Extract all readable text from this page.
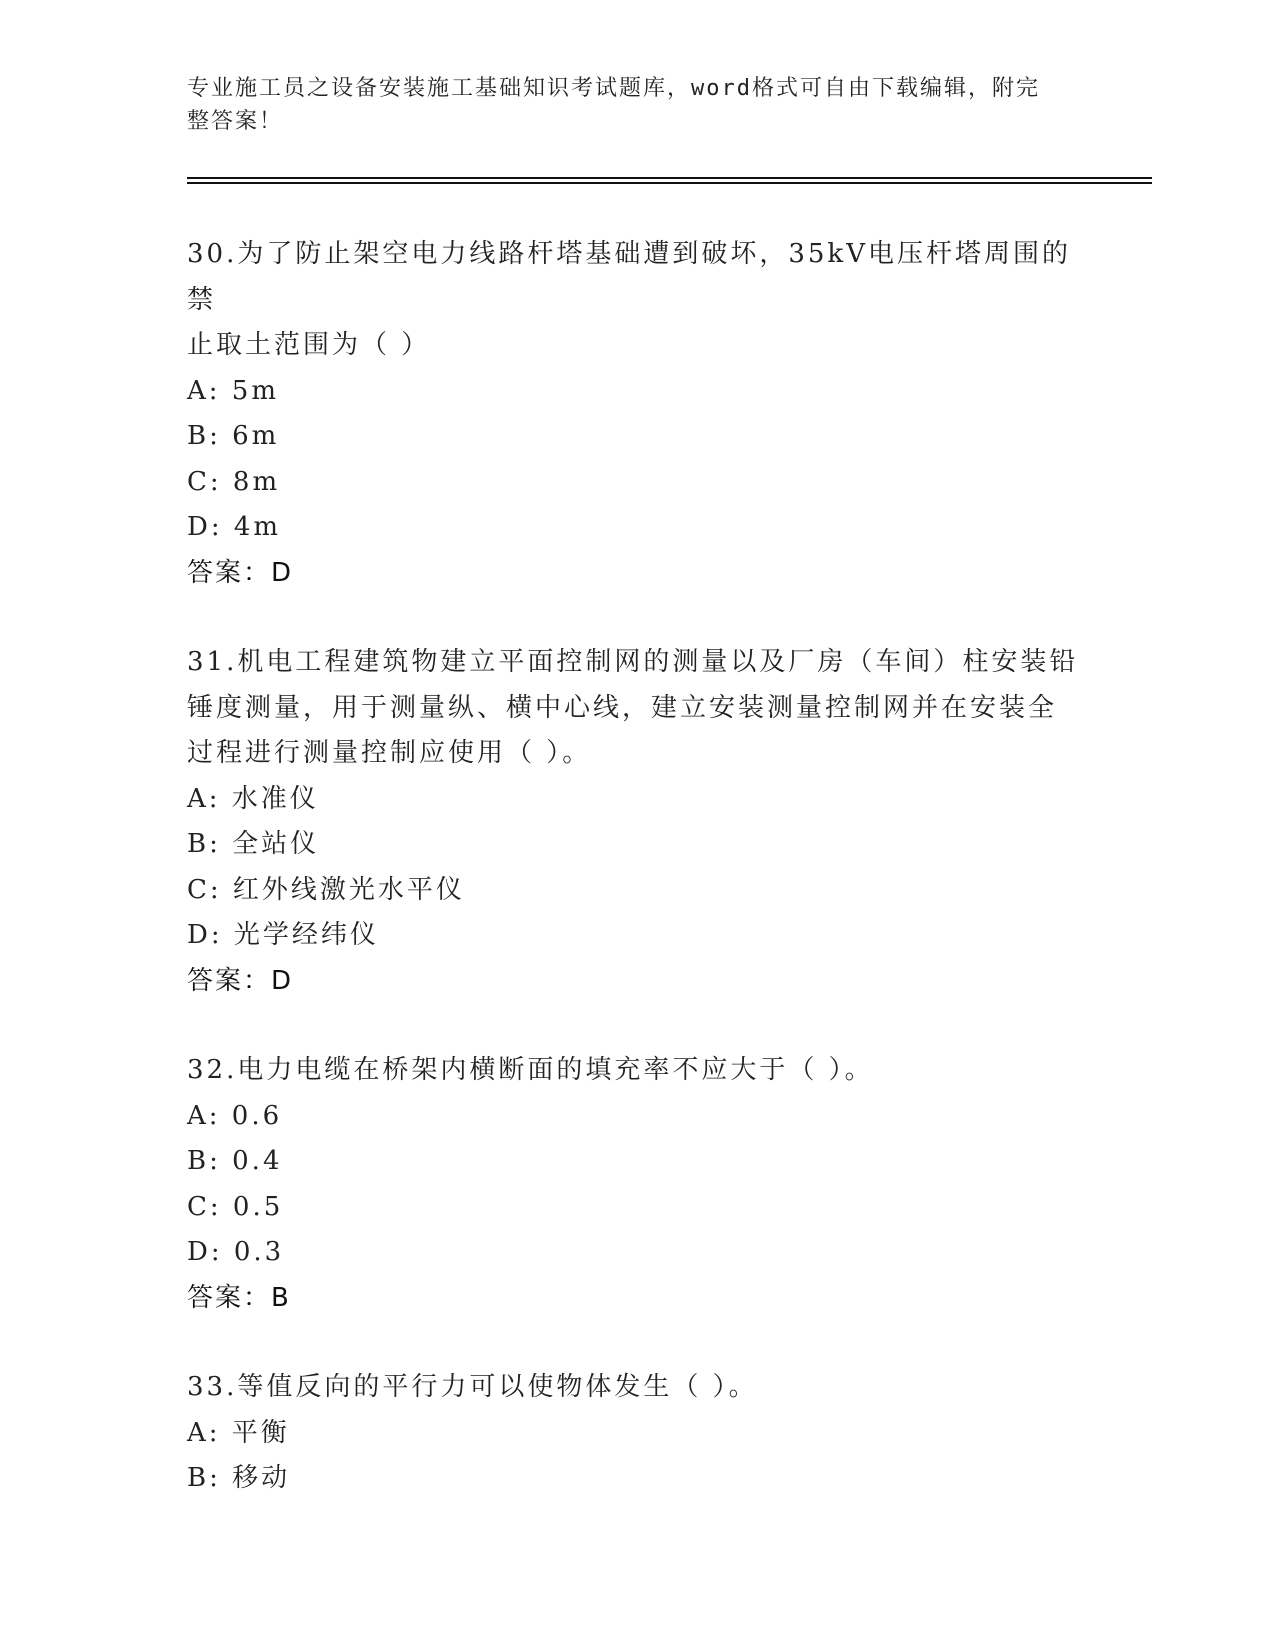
专业施工员之设备安装施工基础知识考试题库，word格式可自由下载编辑，附完
整答案！
30.为了防止架空电力线路杆塔基础遭到破坏，35kV电压杆塔周围的禁
止取土范围为（ ）
A: 5m
B: 6m
C: 8m
D: 4m
答案：D
31.机电工程建筑物建立平面控制网的测量以及厂房（车间）柱安装铅
锤度测量，用于测量纵、横中心线，建立安装测量控制网并在安装全
过程进行测量控制应使用（ ）。
A: 水准仪
B: 全站仪
C: 红外线激光水平仪
D: 光学经纬仪
答案：D
32.电力电缆在桥架内横断面的填充率不应大于（ ）。
A: 0.6
B: 0.4
C: 0.5
D: 0.3
答案：B
33.等值反向的平行力可以使物体发生（ ）。
A: 平衡
B: 移动
